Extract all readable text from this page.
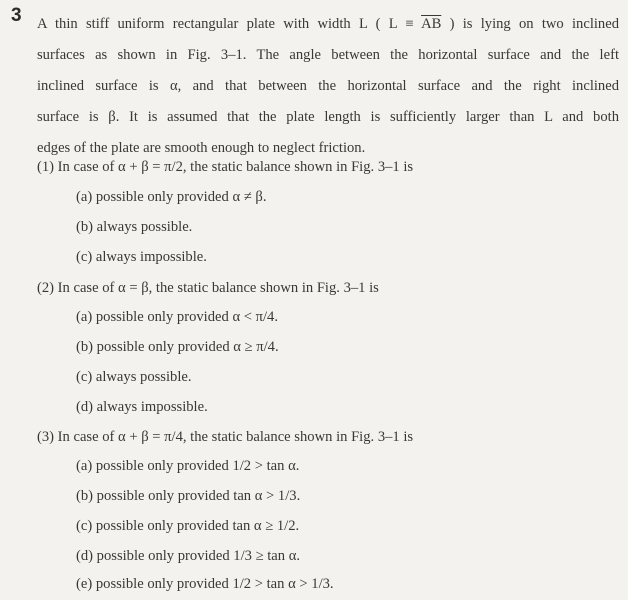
3 A thin stiff uniform rectangular plate with width L ( $L \equiv \overline{AB}$ ) is lying on two inclined
surfaces as shown in Fig. 3–1. The angle between the horizontal surface and the left
inclined surface is α, and that between the horizontal surface and the right inclined
surface is β. It is assumed that the plate length is sufficiently larger than L and both
edges of the plate are smooth enough to neglect friction.
(1) In case of α + β = π/2, the static balance shown in Fig. 3–1 is
(a) possible only provided α ≠ β.
(b) always possible.
(c) always impossible.
(2) In case of α = β, the static balance shown in Fig. 3–1 is
(a) possible only provided α < π/4.
(b) possible only provided α ≥ π/4.
(c) always possible.
(d) always impossible.
(3) In case of α + β = π/4, the static balance shown in Fig. 3–1 is
(a) possible only provided 1/2 > tan α.
(b) possible only provided tan α > 1/3.
(c) possible only provided tan α ≥ 1/2.
(d) possible only provided 1/3 ≥ tan α.
(e) possible only provided 1/2 > tan α > 1/3.
